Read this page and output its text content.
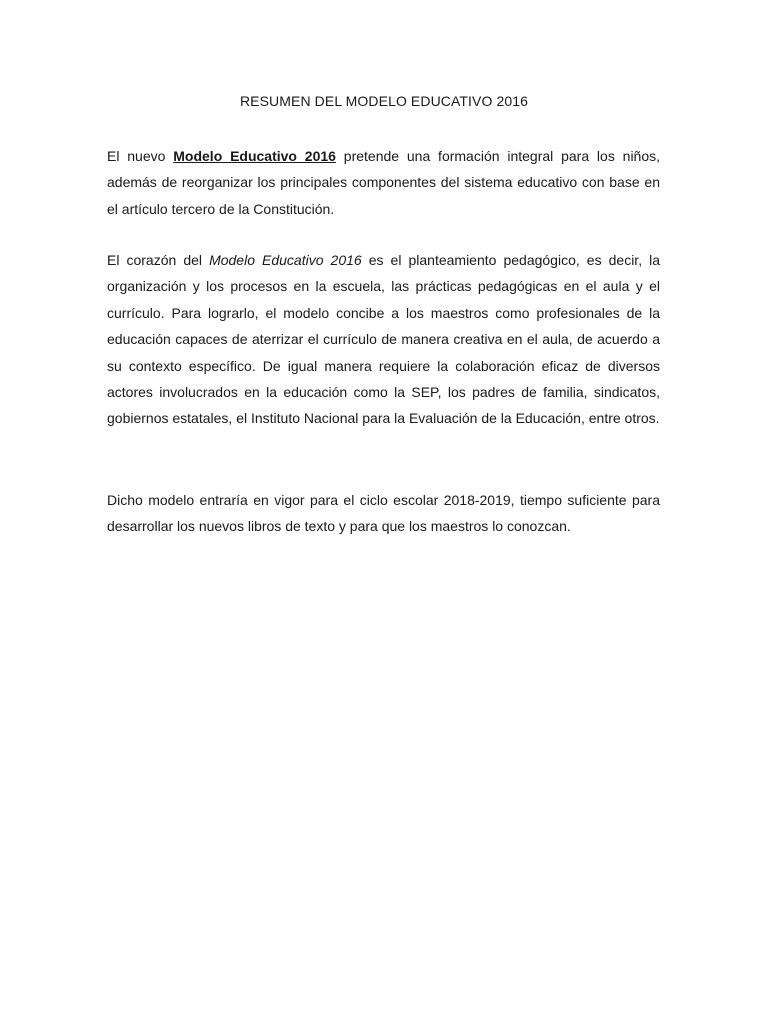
RESUMEN DEL MODELO EDUCATIVO 2016

El nuevo Modelo Educativo 2016 pretende una formación integral para los niños, además de reorganizar los principales componentes del sistema educativo con base en el artículo tercero de la Constitución.

El corazón del Modelo Educativo 2016 es el planteamiento pedagógico, es decir, la organización y los procesos en la escuela, las prácticas pedagógicas en el aula y el currículo. Para lograrlo, el modelo concibe a los maestros como profesionales de la educación capaces de aterrizar el currículo de manera creativa en el aula, de acuerdo a su contexto específico. De igual manera requiere la colaboración eficaz de diversos actores involucrados en la educación como la SEP, los padres de familia, sindicatos, gobiernos estatales, el Instituto Nacional para la Evaluación de la Educación, entre otros.

Dicho modelo entraría en vigor para el ciclo escolar 2018-2019, tiempo suficiente para desarrollar los nuevos libros de texto y para que los maestros lo conozcan.
